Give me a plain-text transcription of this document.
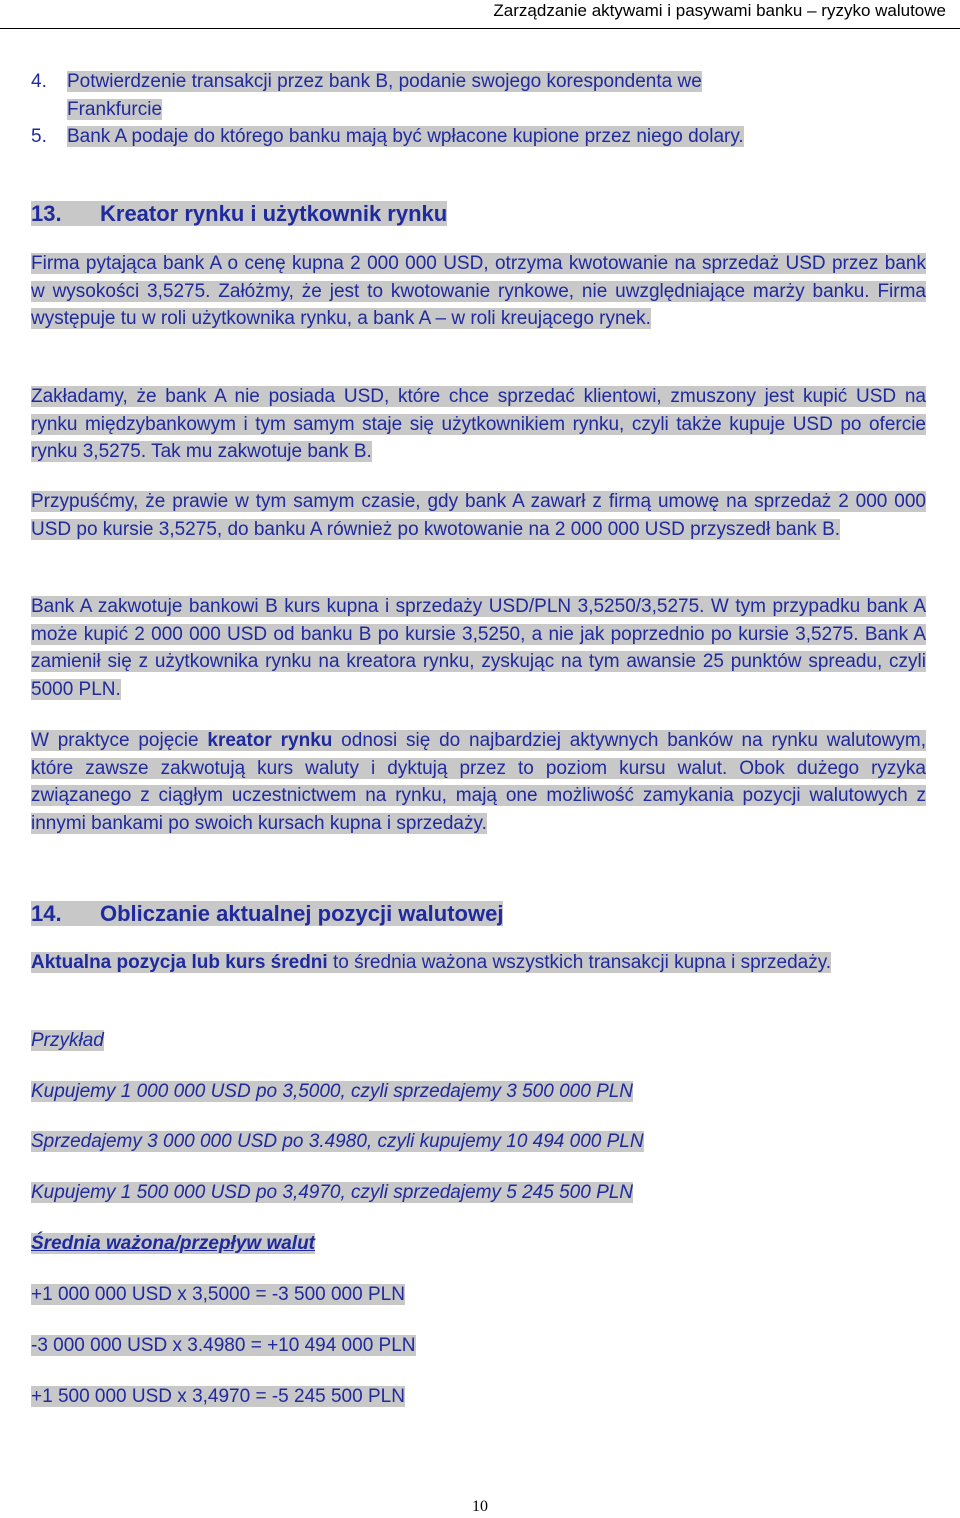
Zarządzanie aktywami i pasywami banku – ryzyko walutowe
4. Potwierdzenie transakcji przez bank B, podanie swojego korespondenta we
Frankfurcie
5. Bank A podaje do którego banku mają być wpłacone kupione przez niego dolary.
13. Kreator rynku i użytkownik rynku
Firma pytająca bank A o cenę kupna 2 000 000 USD, otrzyma kwotowanie na sprzedaż USD przez bank w wysokości 3,5275. Załóżmy, że jest to kwotowanie rynkowe, nie uwzględniające marży banku. Firma występuje tu w roli użytkownika rynku, a bank A – w roli kreującego rynek.
Zakładamy, że bank A nie posiada USD, które chce sprzedać klientowi, zmuszony jest kupić USD na rynku międzybankowym i tym samym staje się użytkownikiem rynku, czyli także kupuje USD po ofercie rynku 3,5275. Tak mu zakwotuje bank B.
Przypuśćmy, że prawie w tym samym czasie, gdy bank A zawarł z firmą umowę na sprzedaż 2 000 000 USD po kursie 3,5275, do banku A również po kwotowanie na 2 000 000 USD przyszedł bank B.
Bank A zakwotuje bankowi B kurs kupna i sprzedaży USD/PLN 3,5250/3,5275. W tym przypadku bank A może kupić 2 000 000 USD od banku B po kursie 3,5250, a nie jak poprzednio po kursie 3,5275. Bank A zamienił się z użytkownika rynku na kreatora rynku, zyskując na tym awansie 25 punktów spreadu, czyli 5000 PLN.
W praktyce pojęcie kreator rynku odnosi się do najbardziej aktywnych banków na rynku walutowym, które zawsze zakwotują kurs waluty i dyktują przez to poziom kursu walut. Obok dużego ryzyka związanego z ciągłym uczestnictwem na rynku, mają one możliwość zamykania pozycji walutowych z innymi bankami po swoich kursach kupna i sprzedaży.
14. Obliczanie aktualnej pozycji walutowej
Aktualna pozycja lub kurs średni to średnia ważona wszystkich transakcji kupna i sprzedaży.
Przykład
Kupujemy 1 000 000 USD po 3,5000, czyli sprzedajemy 3 500 000 PLN
Sprzedajemy 3 000 000 USD po 3.4980, czyli kupujemy 10 494 000 PLN
Kupujemy 1 500 000 USD po 3,4970, czyli sprzedajemy 5 245 500 PLN
Średnia ważona/przepływ walut
+1 000 000 USD x 3,5000 = -3 500 000 PLN
-3 000 000 USD x 3.4980 = +10 494 000 PLN
+1 500 000 USD x 3,4970 = -5 245 500 PLN
10
